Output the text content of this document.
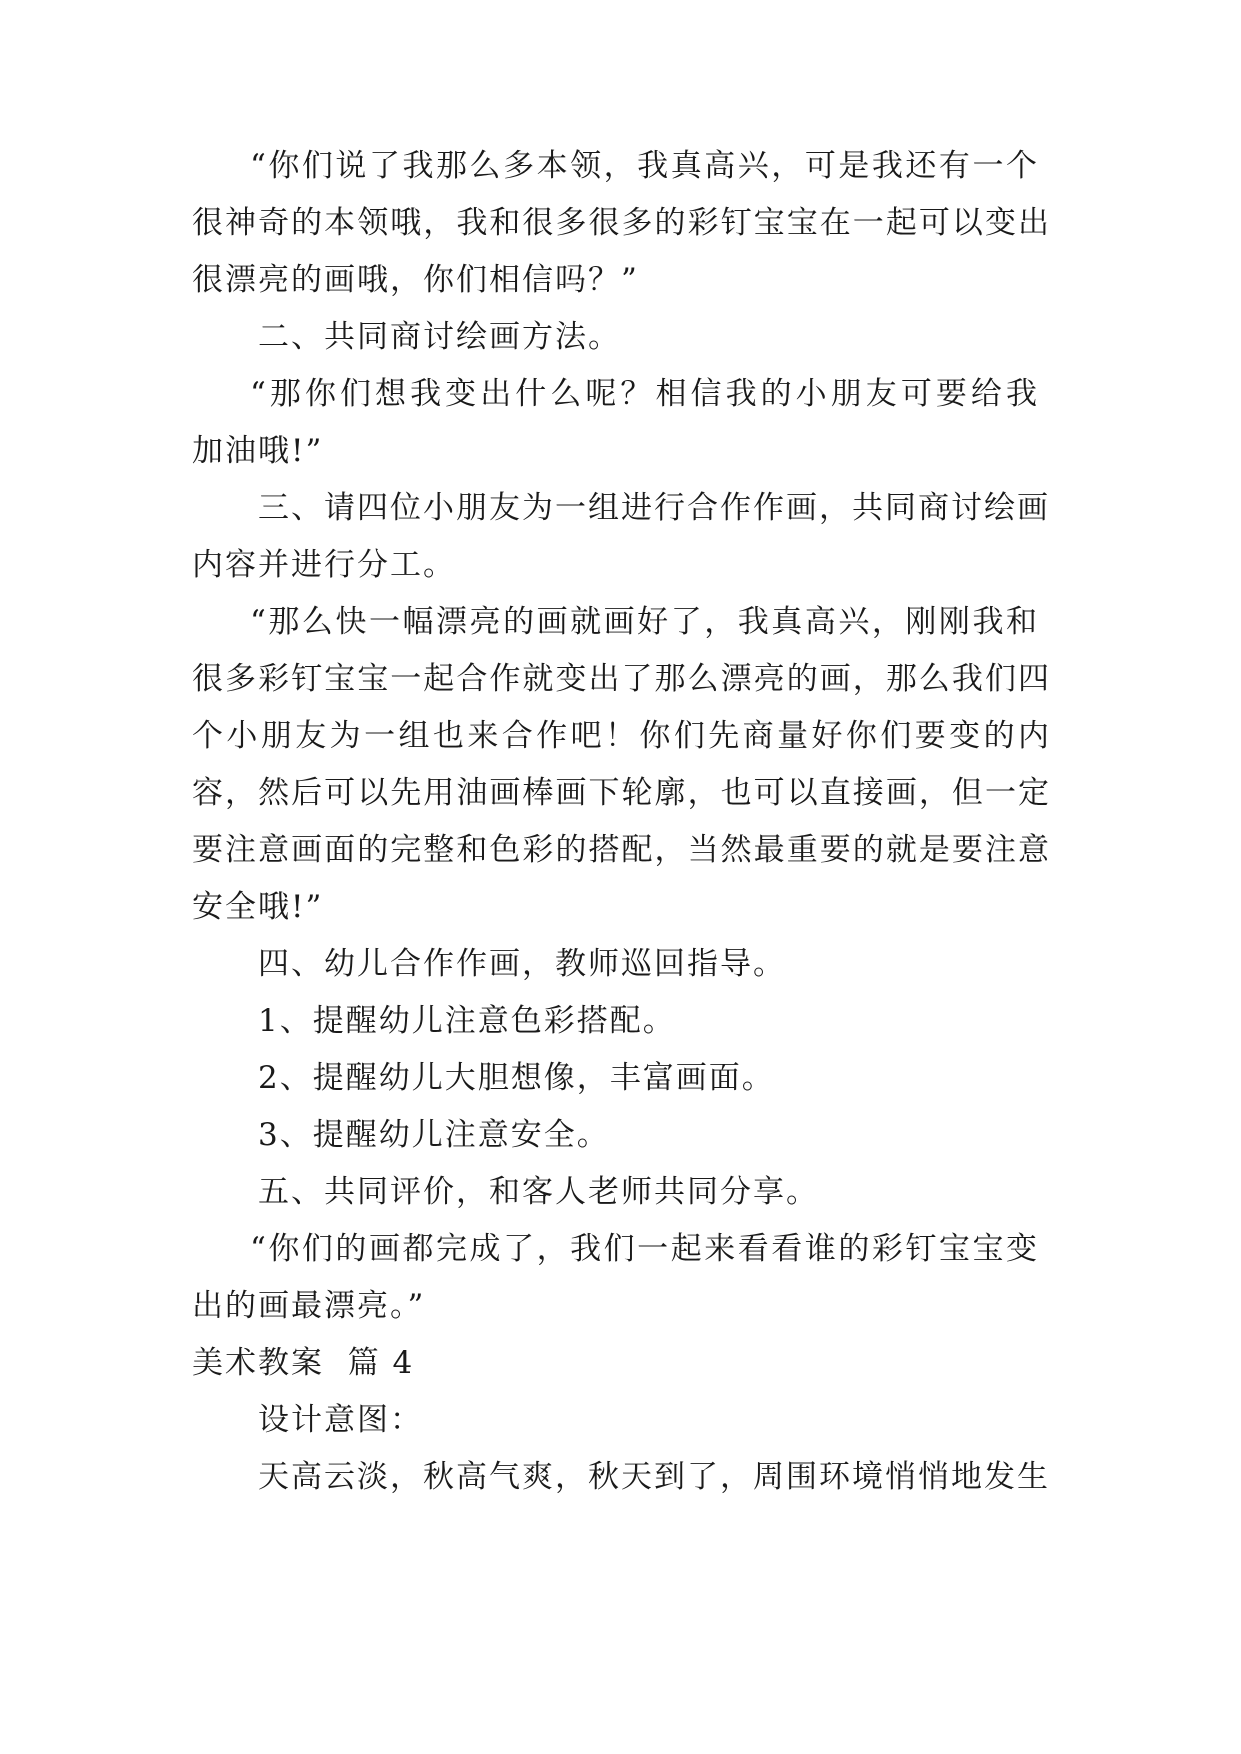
“你们说了我那么多本领，我真高兴，可是我还有一个
很神奇的本领哦，我和很多很多的彩钉宝宝在一起可以变出
很漂亮的画哦，你们相信吗？”
二、共同商讨绘画方法。
“那你们想我变出什么呢？相信我的小朋友可要给我
加油哦!”
三、请四位小朋友为一组进行合作作画，共同商讨绘画
内容并进行分工。
“那么快一幅漂亮的画就画好了，我真高兴，刚刚我和
很多彩钉宝宝一起合作就变出了那么漂亮的画，那么我们四
个小朋友为一组也来合作吧！你们先商量好你们要变的内
容，然后可以先用油画棒画下轮廓，也可以直接画，但一定
要注意画面的完整和色彩的搭配，当然最重要的就是要注意
安全哦!”
四、幼儿合作作画，教师巡回指导。
1、提醒幼儿注意色彩搭配。
2、提醒幼儿大胆想像，丰富画面。
3、提醒幼儿注意安全。
五、共同评价，和客人老师共同分享。
“你们的画都完成了，我们一起来看看谁的彩钉宝宝变
出的画最漂亮。”
美术教案  篇 4
设计意图：
天高云淡，秋高气爽，秋天到了，周围环境悄悄地发生
